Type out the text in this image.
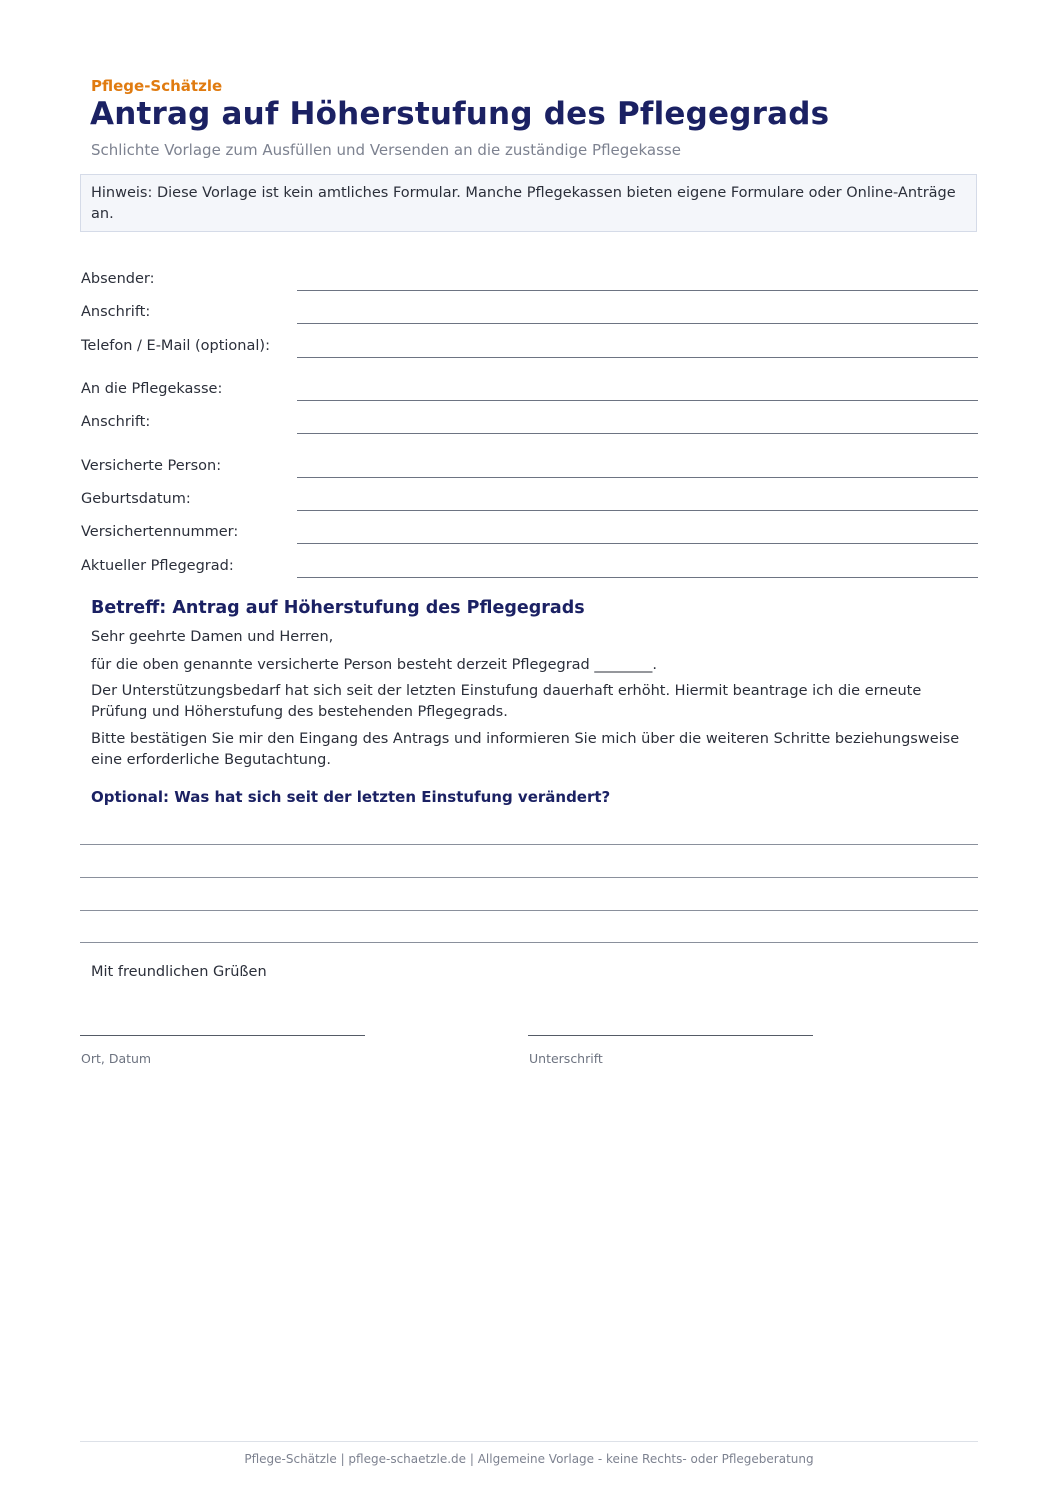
Pflege-Schätzle
Antrag auf Höherstufung des Pflegegrads
Schlichte Vorlage zum Ausfüllen und Versenden an die zuständige Pflegekasse
Hinweis: Diese Vorlage ist kein amtliches Formular. Manche Pflegekassen bieten eigene Formulare oder Online-Anträge an.
Absender:
Anschrift:
Telefon / E-Mail (optional):
An die Pflegekasse:
Anschrift:
Versicherte Person:
Geburtsdatum:
Versichertennummer:
Aktueller Pflegegrad:
Betreff: Antrag auf Höherstufung des Pflegegrads
Sehr geehrte Damen und Herren,
für die oben genannte versicherte Person besteht derzeit Pflegegrad ________.
Der Unterstützungsbedarf hat sich seit der letzten Einstufung dauerhaft erhöht. Hiermit beantrage ich die erneute Prüfung und Höherstufung des bestehenden Pflegegrads.
Bitte bestätigen Sie mir den Eingang des Antrags und informieren Sie mich über die weiteren Schritte beziehungsweise eine erforderliche Begutachtung.
Optional: Was hat sich seit der letzten Einstufung verändert?
Mit freundlichen Grüßen
Ort, Datum	Unterschrift
Pflege-Schätzle | pflege-schaetzle.de | Allgemeine Vorlage - keine Rechts- oder Pflegeberatung
